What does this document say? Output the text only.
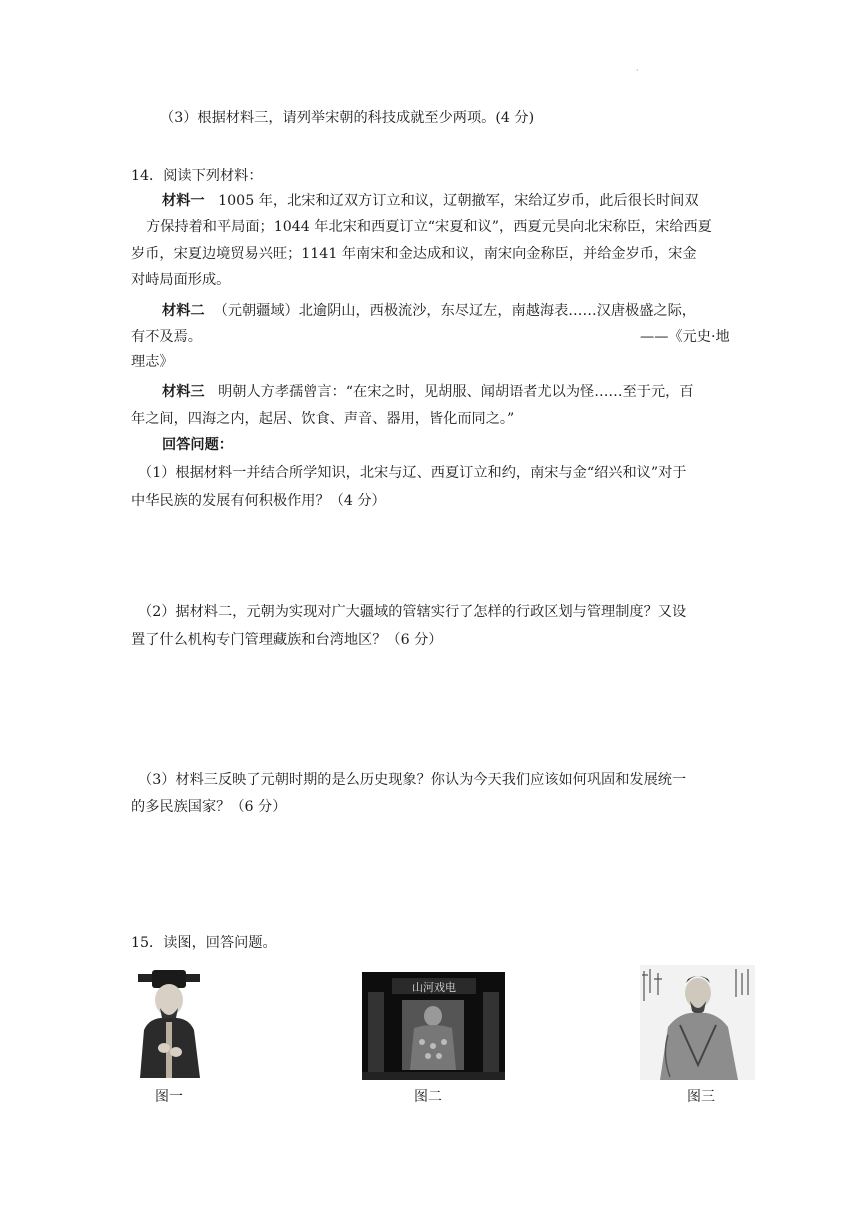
·
（3）根据材料三，请列举宋朝的科技成就至少两项。(4 分)
14．阅读下列材料：
材料一 1005 年，北宋和辽双方订立和议，辽朝撤军，宋给辽岁币，此后很长时间双
方保持着和平局面；1044 年北宋和西夏订立“宋夏和议”，西夏元昊向北宋称臣，宋给西夏
岁币，宋夏边境贸易兴旺；1141 年南宋和金达成和议，南宋向金称臣，并给金岁币，宋金
对峙局面形成。
材料二 （元朝疆域）北逾阴山，西极流沙，东尽辽左，南越海表……汉唐极盛之际，
有不及焉。	——《元史·地
理志》
材料三 明朝人方孝孺曾言：“在宋之时，见胡服、闻胡语者尤以为怪……至于元，百
年之间，四海之内，起居、饮食、声音、器用，皆化而同之。”
回答问题：
（1）根据材料一并结合所学知识，北宋与辽、西夏订立和约，南宋与金“绍兴和议”对于
中华民族的发展有何积极作用？（4 分）
（2）据材料二，元朝为实现对广大疆域的管辖实行了怎样的行政区划与管理制度？又设
置了什么机构专门管理藏族和台湾地区？（6 分）
（3）材料三反映了元朝时期的是么历史现象？你认为今天我们应该如何巩固和发展统一
的多民族国家？（6 分）
15．读图，回答问题。
山河戏电
图一	图二	图三
